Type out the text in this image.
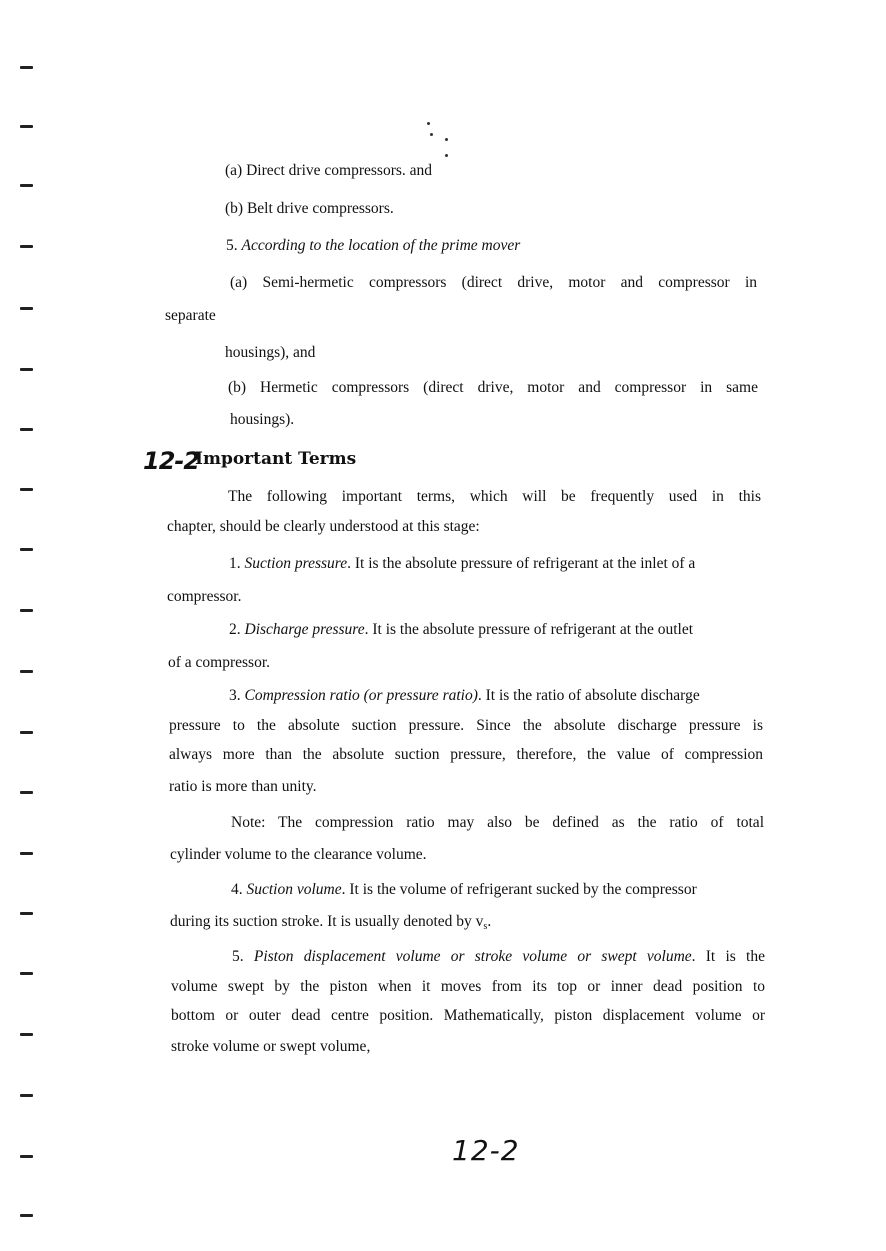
(a) Direct drive compressors. and
(b) Belt drive compressors.
5. According to the location of the prime mover
(a) Semi-hermetic compressors (direct drive, motor and compressor in
separate
housings), and
(b) Hermetic compressors (direct drive, motor and compressor in same
housings).
12-2
Important Terms
The following important terms, which will be frequently used in this
chapter, should be clearly understood at this stage:
1. Suction pressure. It is the absolute pressure of refrigerant at the inlet of a
compressor.
2. Discharge pressure. It is the absolute pressure of refrigerant at the outlet
of a compressor.
3. Compression ratio (or pressure ratio). It is the ratio of absolute discharge
pressure to the absolute suction pressure. Since the absolute discharge pressure is
always more than the absolute suction pressure, therefore, the value of compression
ratio is more than unity.
Note: The compression ratio may also be defined as the ratio of total
cylinder volume to the clearance volume.
4. Suction volume. It is the volume of refrigerant sucked by the compressor
during its suction stroke. It is usually denoted by $v_s$.
5. Piston displacement volume or stroke volume or swept volume. It is the
volume swept by the piston when it moves from its top or inner dead position to
bottom or outer dead centre position. Mathematically, piston displacement volume or
stroke volume or swept volume,
12-2
